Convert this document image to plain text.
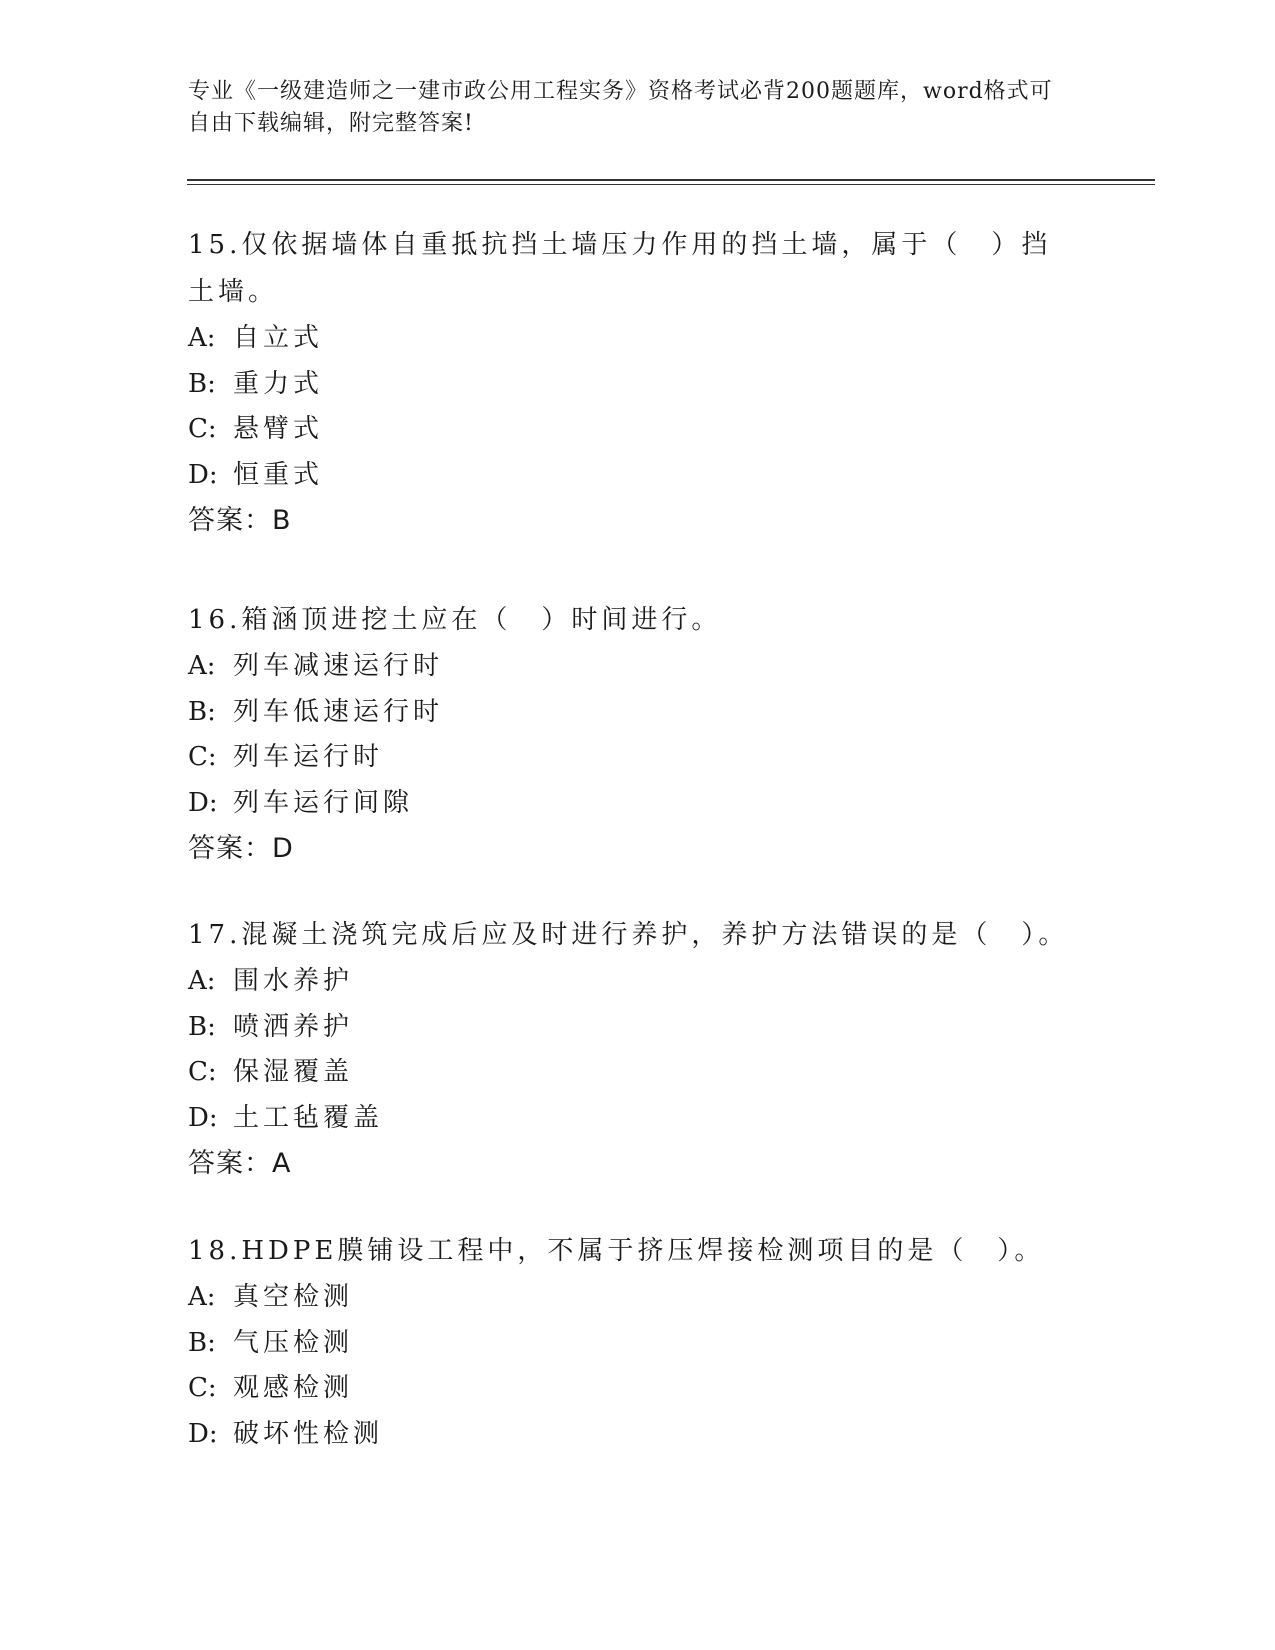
专业《一级建造师之一建市政公用工程实务》资格考试必背200题题库，word格式可自由下载编辑，附完整答案!
15.仅依据墙体自重抵抗挡土墙压力作用的挡土墙，属于（　）挡土墙。
A: 自立式
B: 重力式
C: 悬臂式
D: 恒重式
答案：B
16.箱涵顶进挖土应在（　）时间进行。
A: 列车减速运行时
B: 列车低速运行时
C: 列车运行时
D: 列车运行间隙
答案：D
17.混凝土浇筑完成后应及时进行养护，养护方法错误的是（　）。
A: 围水养护
B: 喷洒养护
C: 保湿覆盖
D: 土工毡覆盖
答案：A
18.HDPE膜铺设工程中，不属于挤压焊接检测项目的是（　）。
A: 真空检测
B: 气压检测
C: 观感检测
D: 破坏性检测
